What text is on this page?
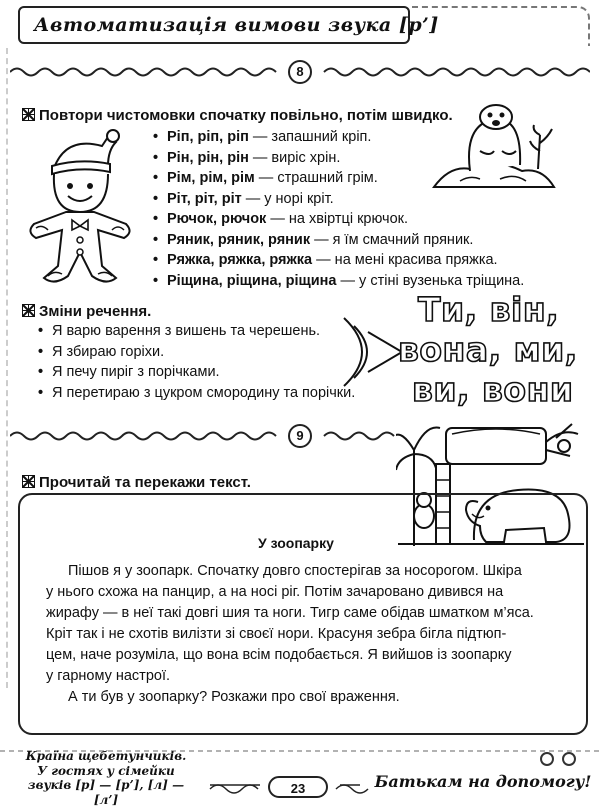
Автоматизація вимови звука [р’]
8
Повтори чистомовки спочатку повільно, потім швидко.
• Ріп, ріп, ріп — запашний кріп.
• Рін, рін, рін — виріс хрін.
• Рім, рім, рім — страшний грім.
• Ріт, ріт, ріт — у норі кріт.
• Рючок, рючок — на хвіртці крючок.
• Ряник, ряник, ряник — я їм смачний пряник.
• Ряжка, ряжка, ряжка — на мені красива пряжка.
• Ріщина, ріщина, ріщина — у стіні вузенька тріщина.
Зміни речення.
• Я варю варення з вишень та черешень.
• Я збираю горіхи.
• Я печу пиріг з порічками.
• Я перетираю з цукром смородину та порічки.
Ти, він,
вона, ми,
ви, вони
9
Прочитай та перекажи текст.
У зоопарку

Пішов я у зоопарк. Спочатку довго спостерігав за носорогом. Шкіра

у нього схожа на панцир, а на носі ріг. Потім зачаровано дивився на

жирафу — в неї такі довгі шия та ноги. Тигр саме обідав шматком м’яса.

Кріт так і не схотів вилізти зі своєї нори. Красуня зебра бігла підтюп-

цем, наче розуміла, що вона всім подобається. Я вийшов із зоопарку

у гарному настрої.

А ти був у зоопарку? Розкажи про свої враження.

Країна щебетунчиків.
У гостях у сімейки
звуків [р] — [р’], [л] — [л’]
23	Батькам на допомогу!
